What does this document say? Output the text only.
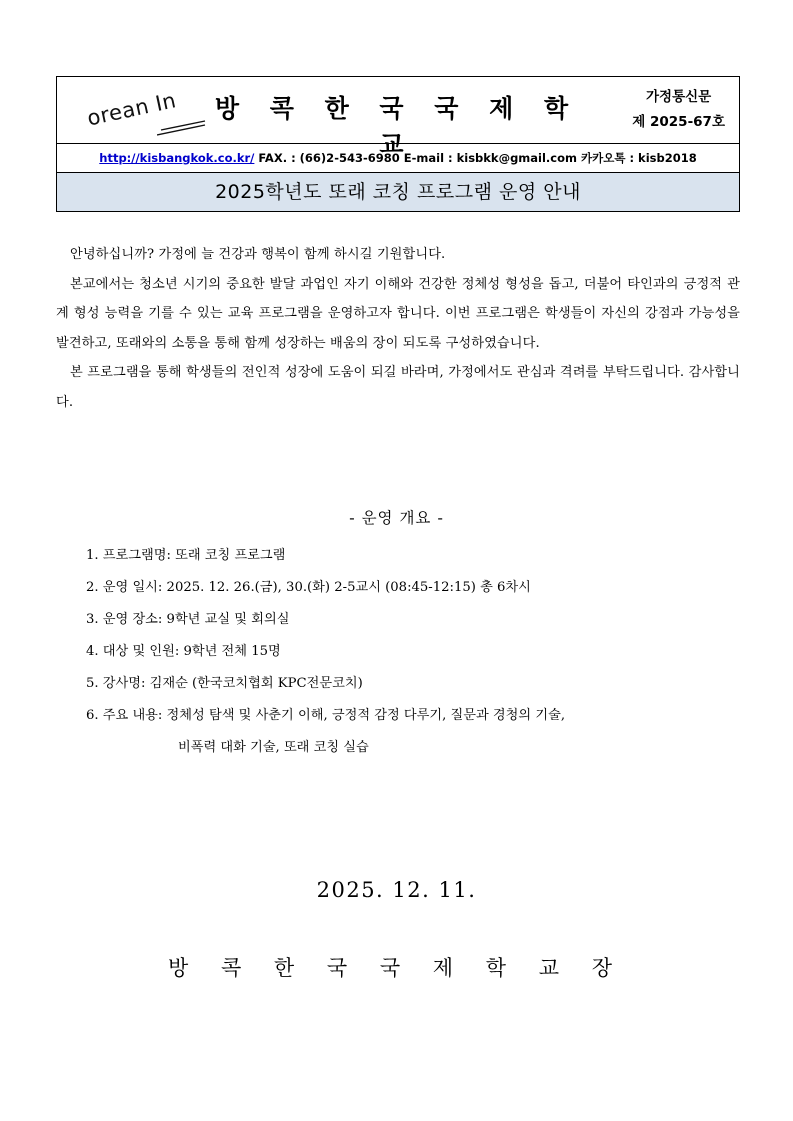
orean In	방 콕 한 국 국 제 학 교
가정통신문
제 2025-67호
http://kisbangkok.co.kr/ FAX. : (66)2-543-6980 E-mail : kisbkk@gmail.com 카카오톡 : kisb2018
2025학년도 또래 코칭 프로그램 운영 안내

안녕하십니까? 가정에 늘 건강과 행복이 함께 하시길 기원합니다.

본교에서는 청소년 시기의 중요한 발달 과업인 자기 이해와 건강한 정체성 형성을 돕고, 더불어 타인과의 긍정적 관계 형성 능력을 기를 수 있는 교육 프로그램을 운영하고자 합니다. 이번 프로그램은 학생들이 자신의 강점과 가능성을 발견하고, 또래와의 소통을 통해 함께 성장하는 배움의 장이 되도록 구성하였습니다.

본 프로그램을 통해 학생들의 전인적 성장에 도움이 되길 바라며, 가정에서도 관심과 격려를 부탁드립니다. 감사합니다.

- 운영 개요 -
1. 프로그램명: 또래 코칭 프로그램
2. 운영 일시: 2025. 12. 26.(금), 30.(화) 2-5교시 (08:45-12:15) 총 6차시
3. 운영 장소: 9학년 교실 및 회의실
4. 대상 및 인원: 9학년 전체 15명
5. 강사명: 김재순 (한국코치협회 KPC전문코치)
6. 주요 내용: 정체성 탐색 및 사춘기 이해, 긍정적 감정 다루기, 질문과 경청의 기술,
비폭력 대화 기술, 또래 코칭 실습
2025. 12. 11.
방 콕 한 국 국 제 학 교 장
